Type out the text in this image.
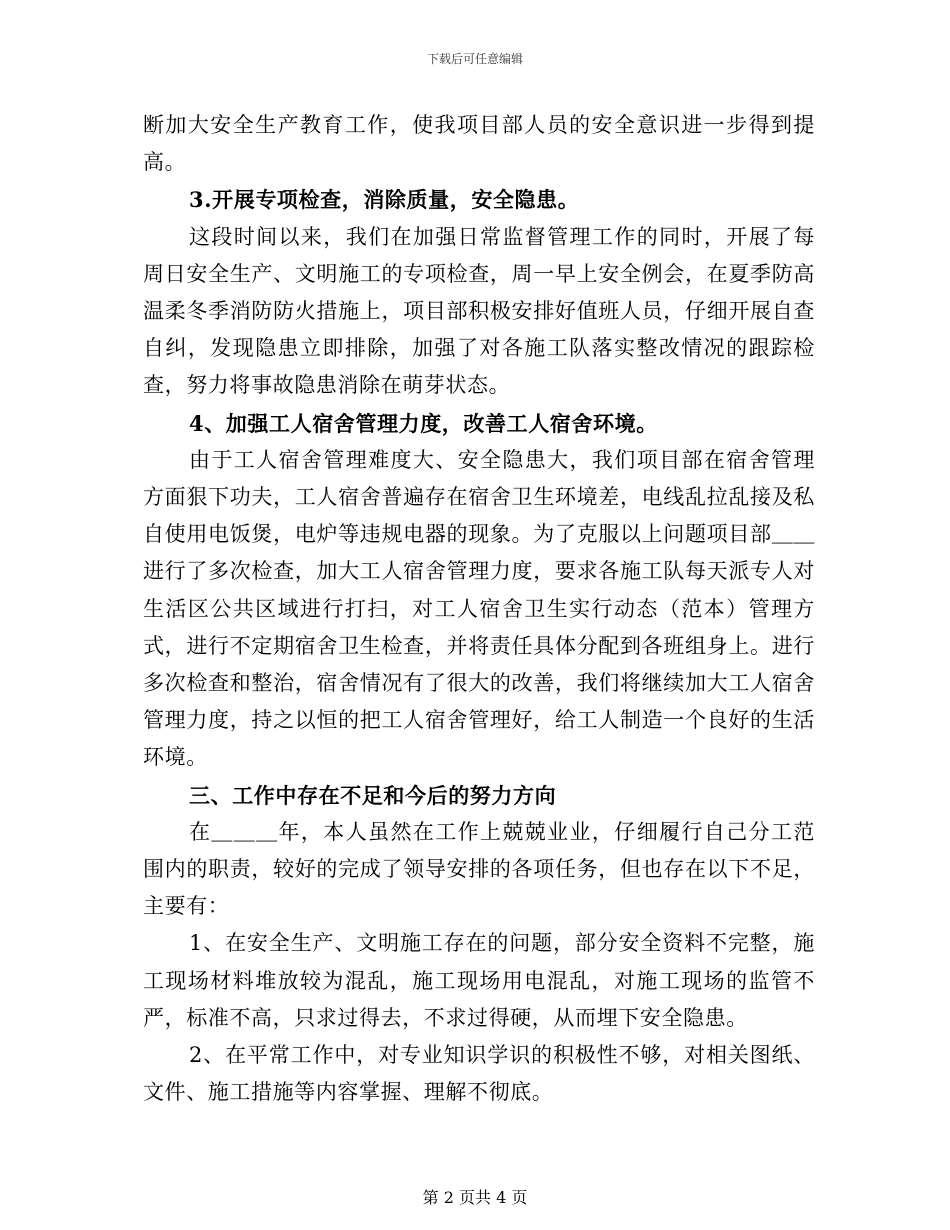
下载后可任意编辑

断加大安全生产教育工作，使我项目部人员的安全意识进一步得到提高。

3.开展专项检查，消除质量，安全隐患。

这段时间以来，我们在加强日常监督管理工作的同时，开展了每周日安全生产、文明施工的专项检查，周一早上安全例会，在夏季防高温柔冬季消防防火措施上，项目部积极安排好值班人员，仔细开展自查自纠，发现隐患立即排除，加强了对各施工队落实整改情况的跟踪检查，努力将事故隐患消除在萌芽状态。

4、加强工人宿舍管理力度，改善工人宿舍环境。

由于工人宿舍管理难度大、安全隐患大，我们项目部在宿舍管理方面狠下功夫，工人宿舍普遍存在宿舍卫生环境差，电线乱拉乱接及私自使用电饭煲，电炉等违规电器的现象。为了克服以上问题项目部＿＿进行了多次检查，加大工人宿舍管理力度，要求各施工队每天派专人对生活区公共区域进行打扫，对工人宿舍卫生实行动态（范本）管理方式，进行不定期宿舍卫生检查，并将责任具体分配到各班组身上。进行多次检查和整治，宿舍情况有了很大的改善，我们将继续加大工人宿舍管理力度，持之以恒的把工人宿舍管理好，给工人制造一个良好的生活环境。

三、工作中存在不足和今后的努力方向

在＿＿＿年，本人虽然在工作上兢兢业业，仔细履行自己分工范围内的职责，较好的完成了领导安排的各项任务，但也存在以下不足，主要有：

1、在安全生产、文明施工存在的问题，部分安全资料不完整，施工现场材料堆放较为混乱，施工现场用电混乱，对施工现场的监管不严，标准不高，只求过得去，不求过得硬，从而埋下安全隐患。

2、在平常工作中，对专业知识学识的积极性不够，对相关图纸、文件、施工措施等内容掌握、理解不彻底。

第 2 页共 4 页
